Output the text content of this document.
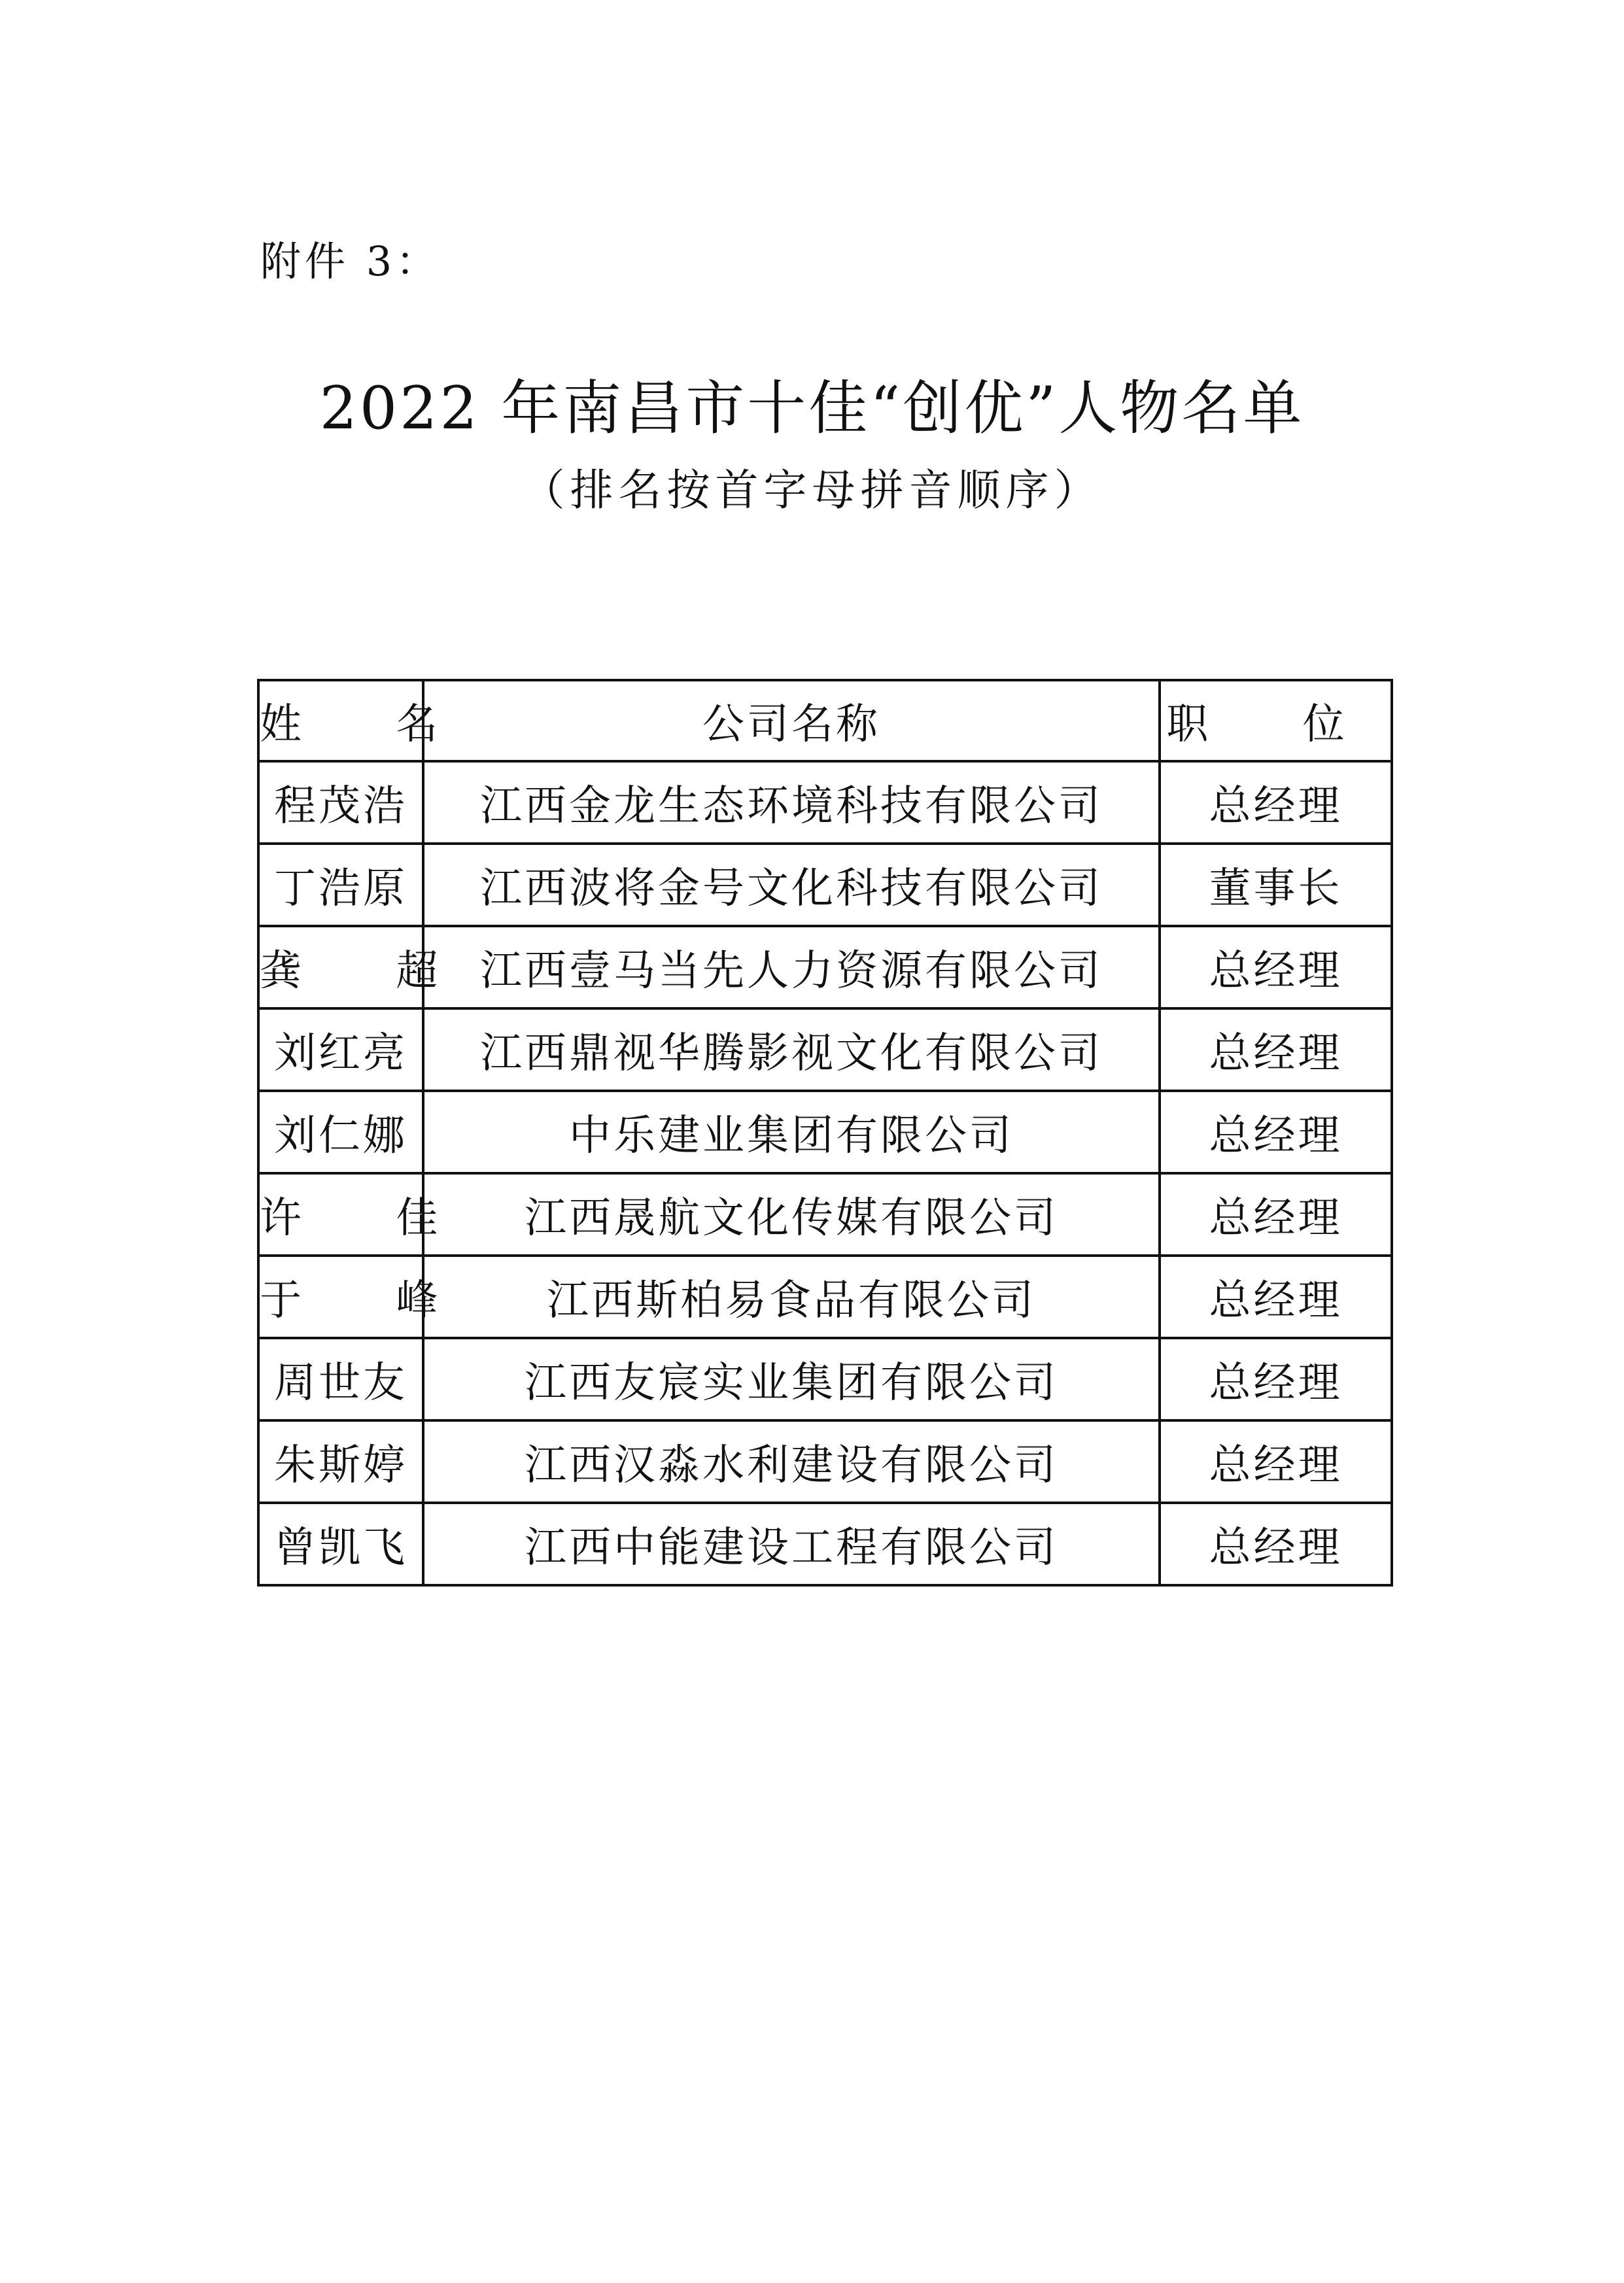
附件 3：
2022 年南昌市十佳“创优”人物名单
（排名按首字母拼音顺序）
姓 名	公司名称	职 位
程茂浩	江西金龙生态环境科技有限公司	总经理
丁浩原	江西波将金号文化科技有限公司	董事长
龚 超	江西壹马当先人力资源有限公司	总经理
刘红亮	江西鼎视华腾影视文化有限公司	总经理
刘仁娜	中乐建业集团有限公司	总经理
许 佳	江西晟航文化传媒有限公司	总经理
于 峰	江西斯柏易食品有限公司	总经理
周世友	江西友宸实业集团有限公司	总经理
朱斯婷	江西汉淼水利建设有限公司	总经理
曾凯飞	江西中能建设工程有限公司	总经理
